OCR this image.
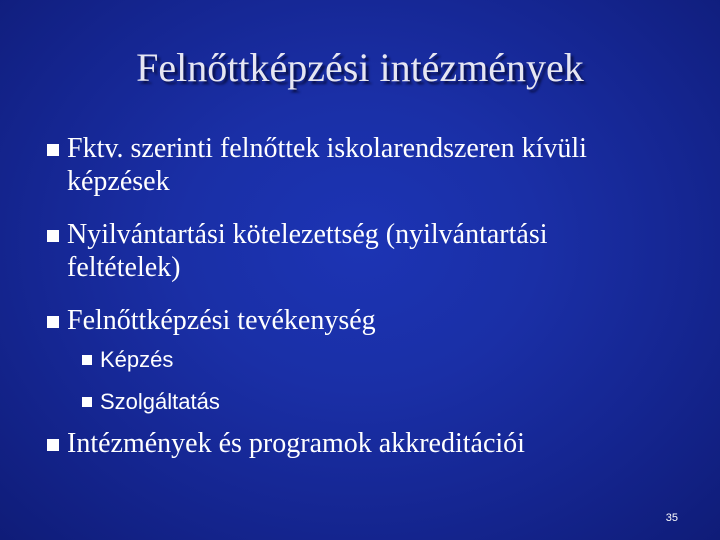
Felnőttképzési intézmények
Fktv. szerinti felnőttek iskolarendszeren kívüli
képzések
Nyilvántartási kötelezettség (nyilvántartási
feltételek)
Felnőttképzési tevékenység
Képzés
Szolgáltatás
Intézmények és programok akkreditációi
35
